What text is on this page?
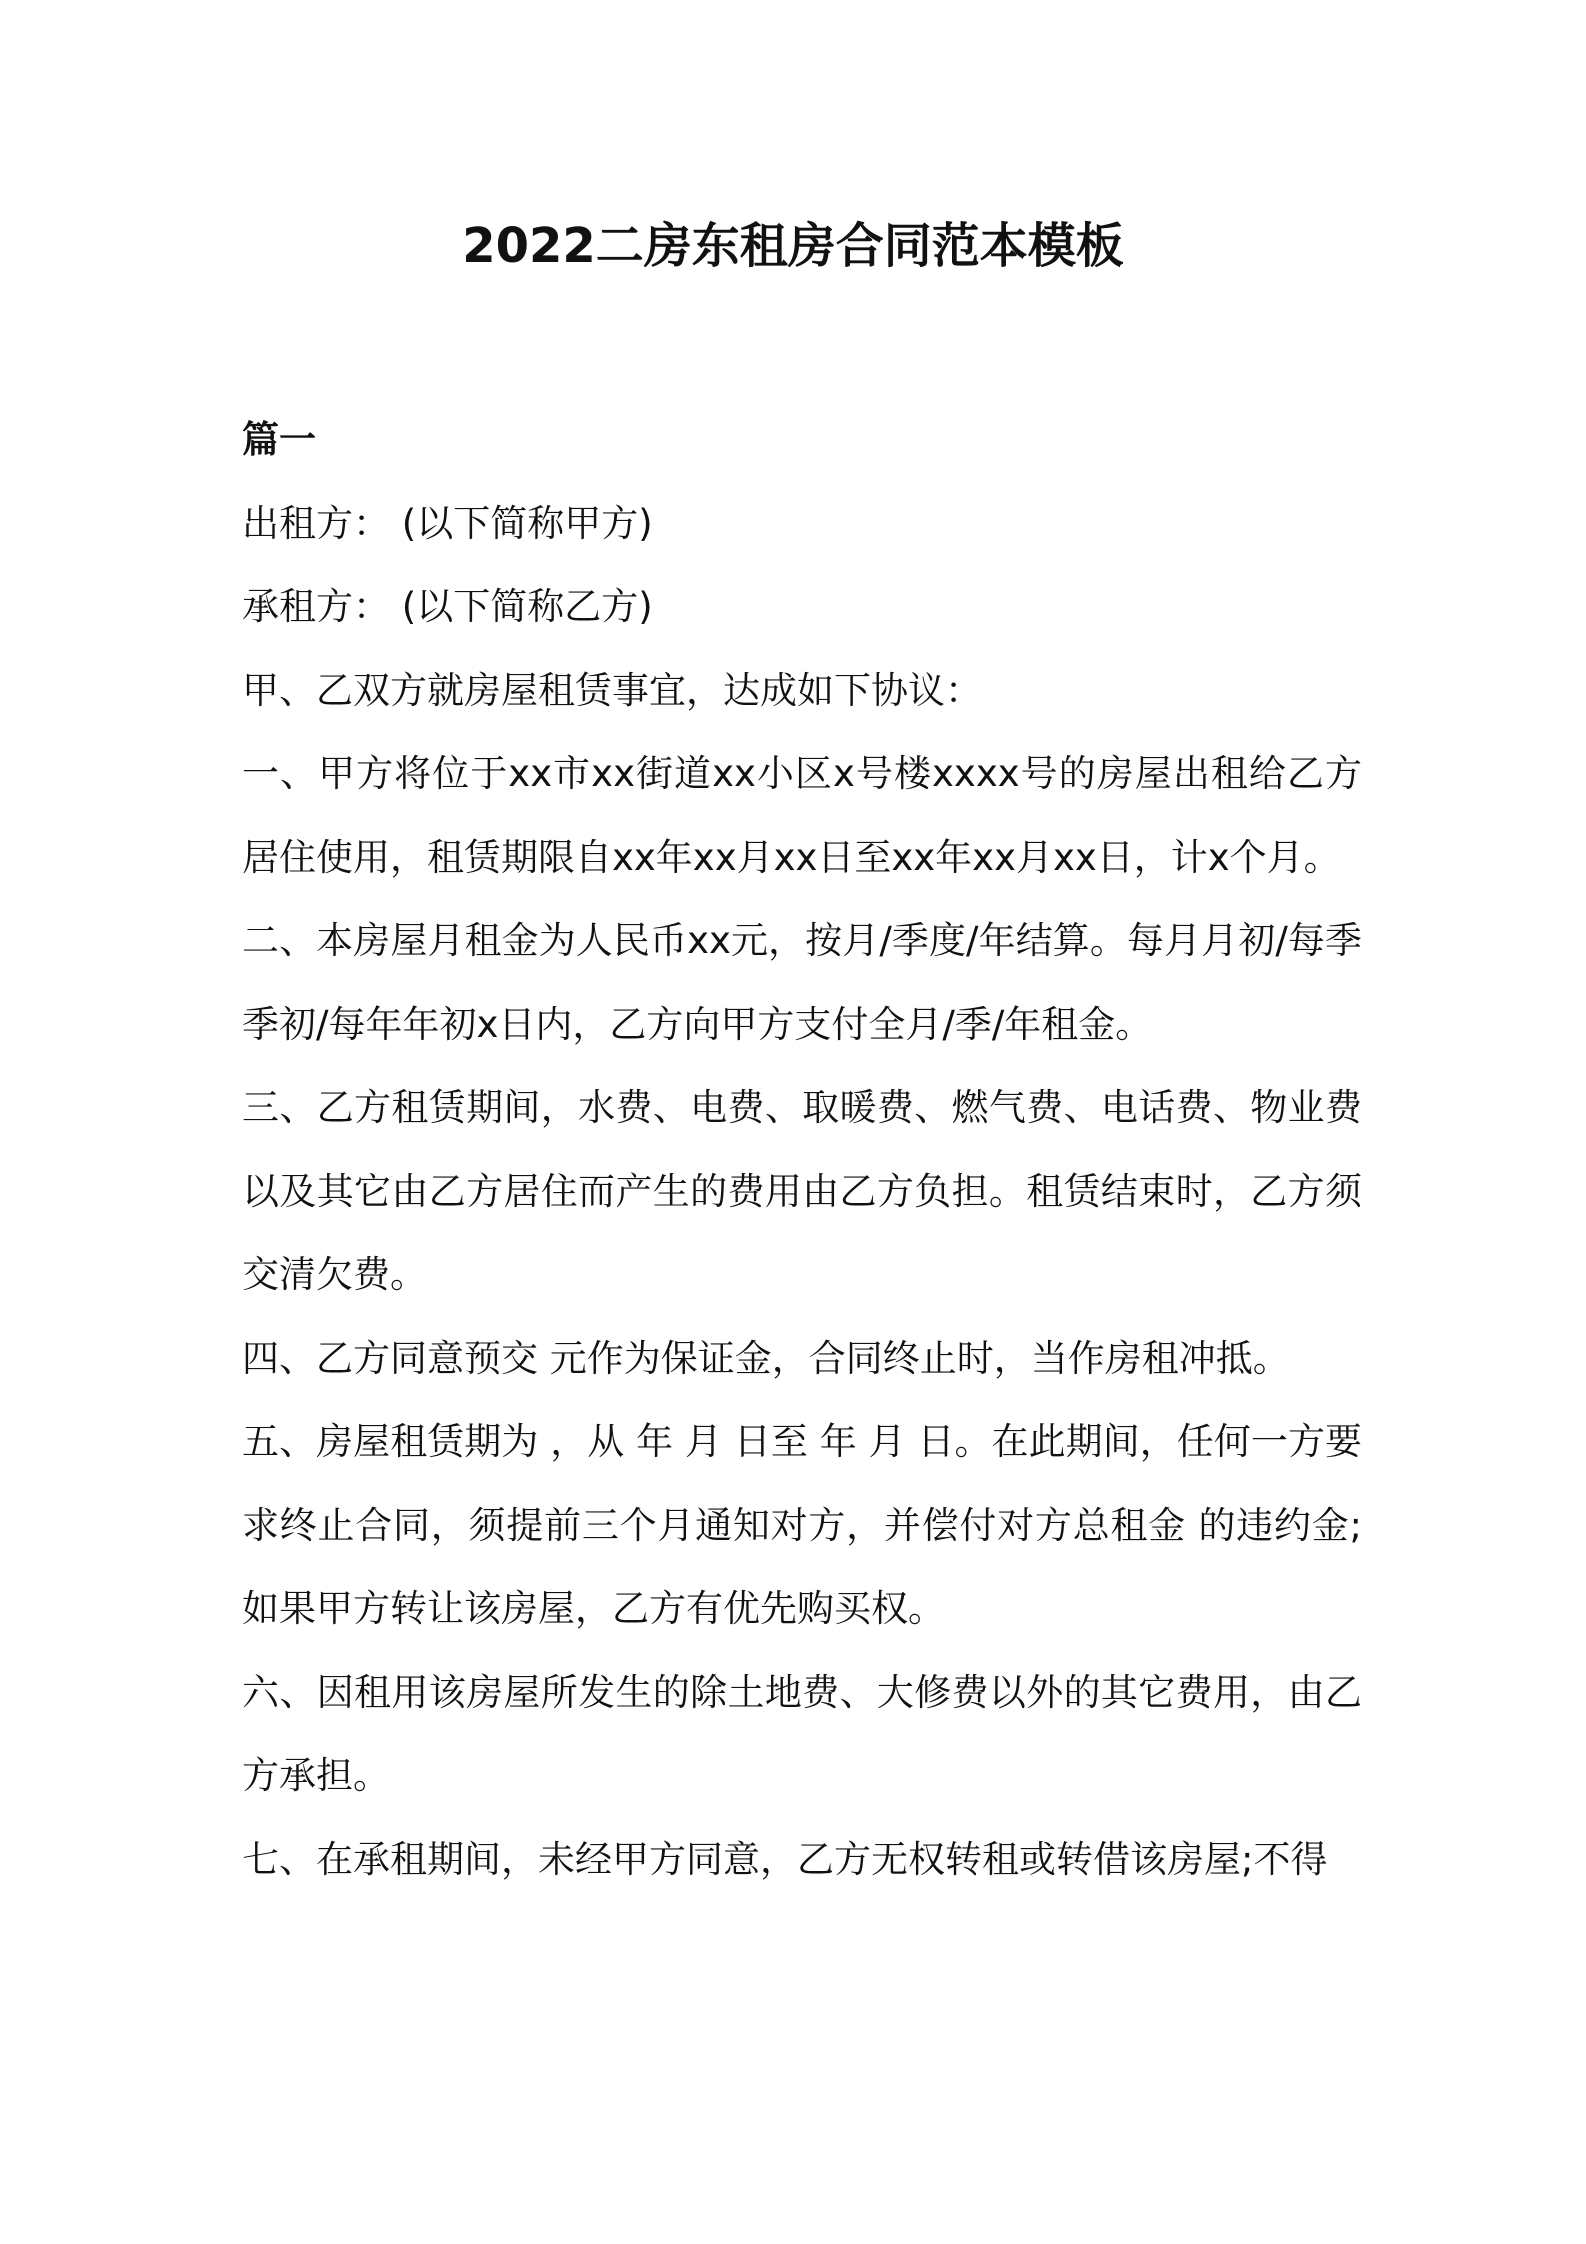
2022二房东租房合同范本模板

篇一

出租方： (以下简称甲方)

承租方： (以下简称乙方)

甲、乙双方就房屋租赁事宜，达成如下协议：

一、甲方将位于xx市xx街道xx小区x号楼xxxx号的房屋出租给乙方居住使用，租赁期限自xx年xx月xx日至xx年xx月xx日，计x个月。

二、本房屋月租金为人民币xx元，按月/季度/年结算。每月月初/每季季初/每年年初x日内，乙方向甲方支付全月/季/年租金。

三、乙方租赁期间，水费、电费、取暖费、燃气费、电话费、物业费以及其它由乙方居住而产生的费用由乙方负担。租赁结束时，乙方须交清欠费。

四、乙方同意预交 元作为保证金，合同终止时，当作房租冲抵。

五、房屋租赁期为 ，从 年 月 日至 年 月 日。在此期间，任何一方要求终止合同，须提前三个月通知对方，并偿付对方总租金 的违约金;如果甲方转让该房屋，乙方有优先购买权。

六、因租用该房屋所发生的除土地费、大修费以外的其它费用，由乙方承担。

七、在承租期间，未经甲方同意，乙方无权转租或转借该房屋;不得
